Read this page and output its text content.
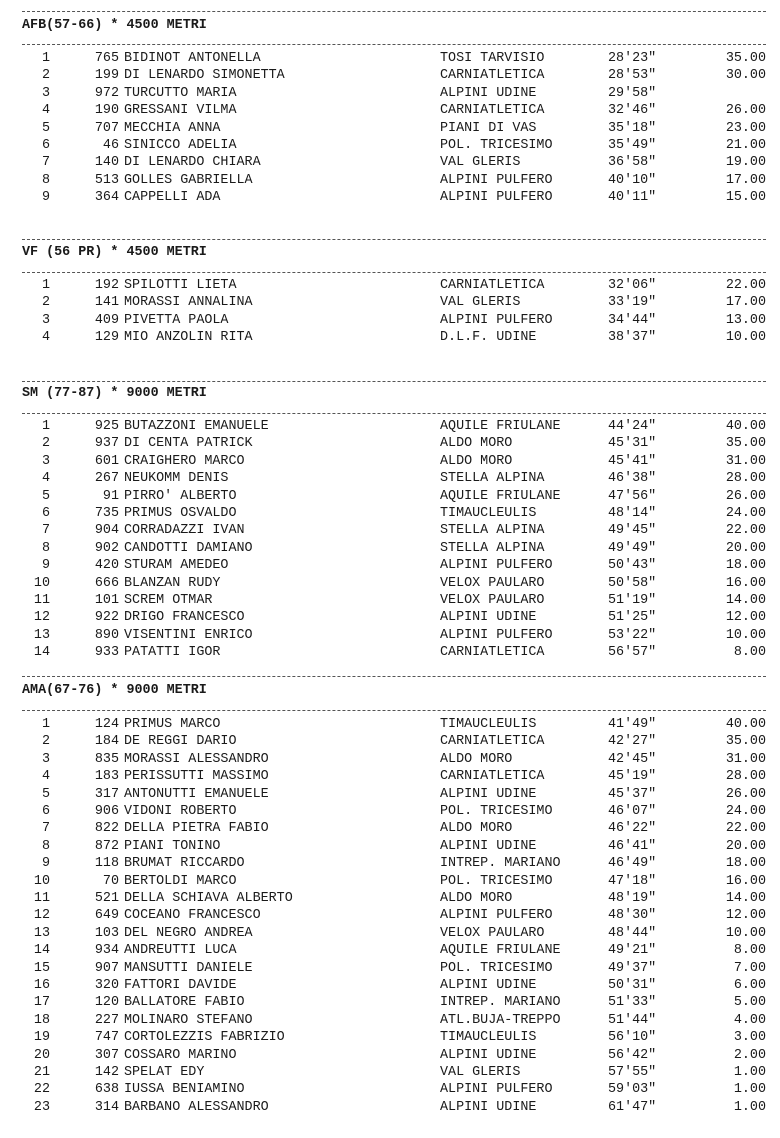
AFB(57-66) * 4500 METRI
1	765 BIDINOT ANTONELLA	TOSI TARVISIO	28'23"	35.00
2	199 DI LENARDO SIMONETTA	CARNIATLETICA	28'53"	30.00
3	972 TURCUTTO MARIA	ALPINI UDINE	29'58"
4	190 GRESSANI VILMA	CARNIATLETICA	32'46"	26.00
5	707 MECCHIA ANNA	PIANI DI VAS	35'18"	23.00
6	46 SINICCO ADELIA	POL. TRICESIMO	35'49"	21.00
7	140 DI LENARDO CHIARA	VAL GLERIS	36'58"	19.00
8	513 GOLLES GABRIELLA	ALPINI PULFERO	40'10"	17.00
9	364 CAPPELLI ADA	ALPINI PULFERO	40'11"	15.00
VF (56 PR) * 4500 METRI
1	192 SPILOTTI LIETA	CARNIATLETICA	32'06"	22.00
2	141 MORASSI ANNALINA	VAL GLERIS	33'19"	17.00
3	409 PIVETTA PAOLA	ALPINI PULFERO	34'44"	13.00
4	129 MIO ANZOLIN RITA	D.L.F. UDINE	38'37"	10.00
SM (77-87) * 9000 METRI
1	925 BUTAZZONI EMANUELE	AQUILE FRIULANE	44'24"	40.00
2	937 DI CENTA PATRICK	ALDO MORO	45'31"	35.00
3	601 CRAIGHERO MARCO	ALDO MORO	45'41"	31.00
4	267 NEUKOMM DENIS	STELLA ALPINA	46'38"	28.00
5	91 PIRRO' ALBERTO	AQUILE FRIULANE	47'56"	26.00
6	735 PRIMUS OSVALDO	TIMAUCLEULIS	48'14"	24.00
7	904 CORRADAZZI IVAN	STELLA ALPINA	49'45"	22.00
8	902 CANDOTTI DAMIANO	STELLA ALPINA	49'49"	20.00
9	420 STURAM AMEDEO	ALPINI PULFERO	50'43"	18.00
10	666 BLANZAN RUDY	VELOX PAULARO	50'58"	16.00
11	101 SCREM OTMAR	VELOX PAULARO	51'19"	14.00
12	922 DRIGO FRANCESCO	ALPINI UDINE	51'25"	12.00
13	890 VISENTINI ENRICO	ALPINI PULFERO	53'22"	10.00
14	933 PATATTI IGOR	CARNIATLETICA	56'57"	8.00
AMA(67-76) * 9000 METRI
1	124 PRIMUS MARCO	TIMAUCLEULIS	41'49"	40.00
2	184 DE REGGI DARIO	CARNIATLETICA	42'27"	35.00
3	835 MORASSI ALESSANDRO	ALDO MORO	42'45"	31.00
4	183 PERISSUTTI MASSIMO	CARNIATLETICA	45'19"	28.00
5	317 ANTONUTTI EMANUELE	ALPINI UDINE	45'37"	26.00
6	906 VIDONI ROBERTO	POL. TRICESIMO	46'07"	24.00
7	822 DELLA PIETRA FABIO	ALDO MORO	46'22"	22.00
8	872 PIANI TONINO	ALPINI UDINE	46'41"	20.00
9	118 BRUMAT RICCARDO	INTREP. MARIANO	46'49"	18.00
10	70 BERTOLDI MARCO	POL. TRICESIMO	47'18"	16.00
11	521 DELLA SCHIAVA ALBERTO	ALDO MORO	48'19"	14.00
12	649 COCEANO FRANCESCO	ALPINI PULFERO	48'30"	12.00
13	103 DEL NEGRO ANDREA	VELOX PAULARO	48'44"	10.00
14	934 ANDREUTTI LUCA	AQUILE FRIULANE	49'21"	8.00
15	907 MANSUTTI DANIELE	POL. TRICESIMO	49'37"	7.00
16	320 FATTORI DAVIDE	ALPINI UDINE	50'31"	6.00
17	120 BALLATORE FABIO	INTREP. MARIANO	51'33"	5.00
18	227 MOLINARO STEFANO	ATL.BUJA-TREPPO	51'44"	4.00
19	747 CORTOLEZZIS FABRIZIO	TIMAUCLEULIS	56'10"	3.00
20	307 COSSARO MARINO	ALPINI UDINE	56'42"	2.00
21	142 SPELAT EDY	VAL GLERIS	57'55"	1.00
22	638 IUSSA BENIAMINO	ALPINI PULFERO	59'03"	1.00
23	314 BARBANO ALESSANDRO	ALPINI UDINE	61'47"	1.00
